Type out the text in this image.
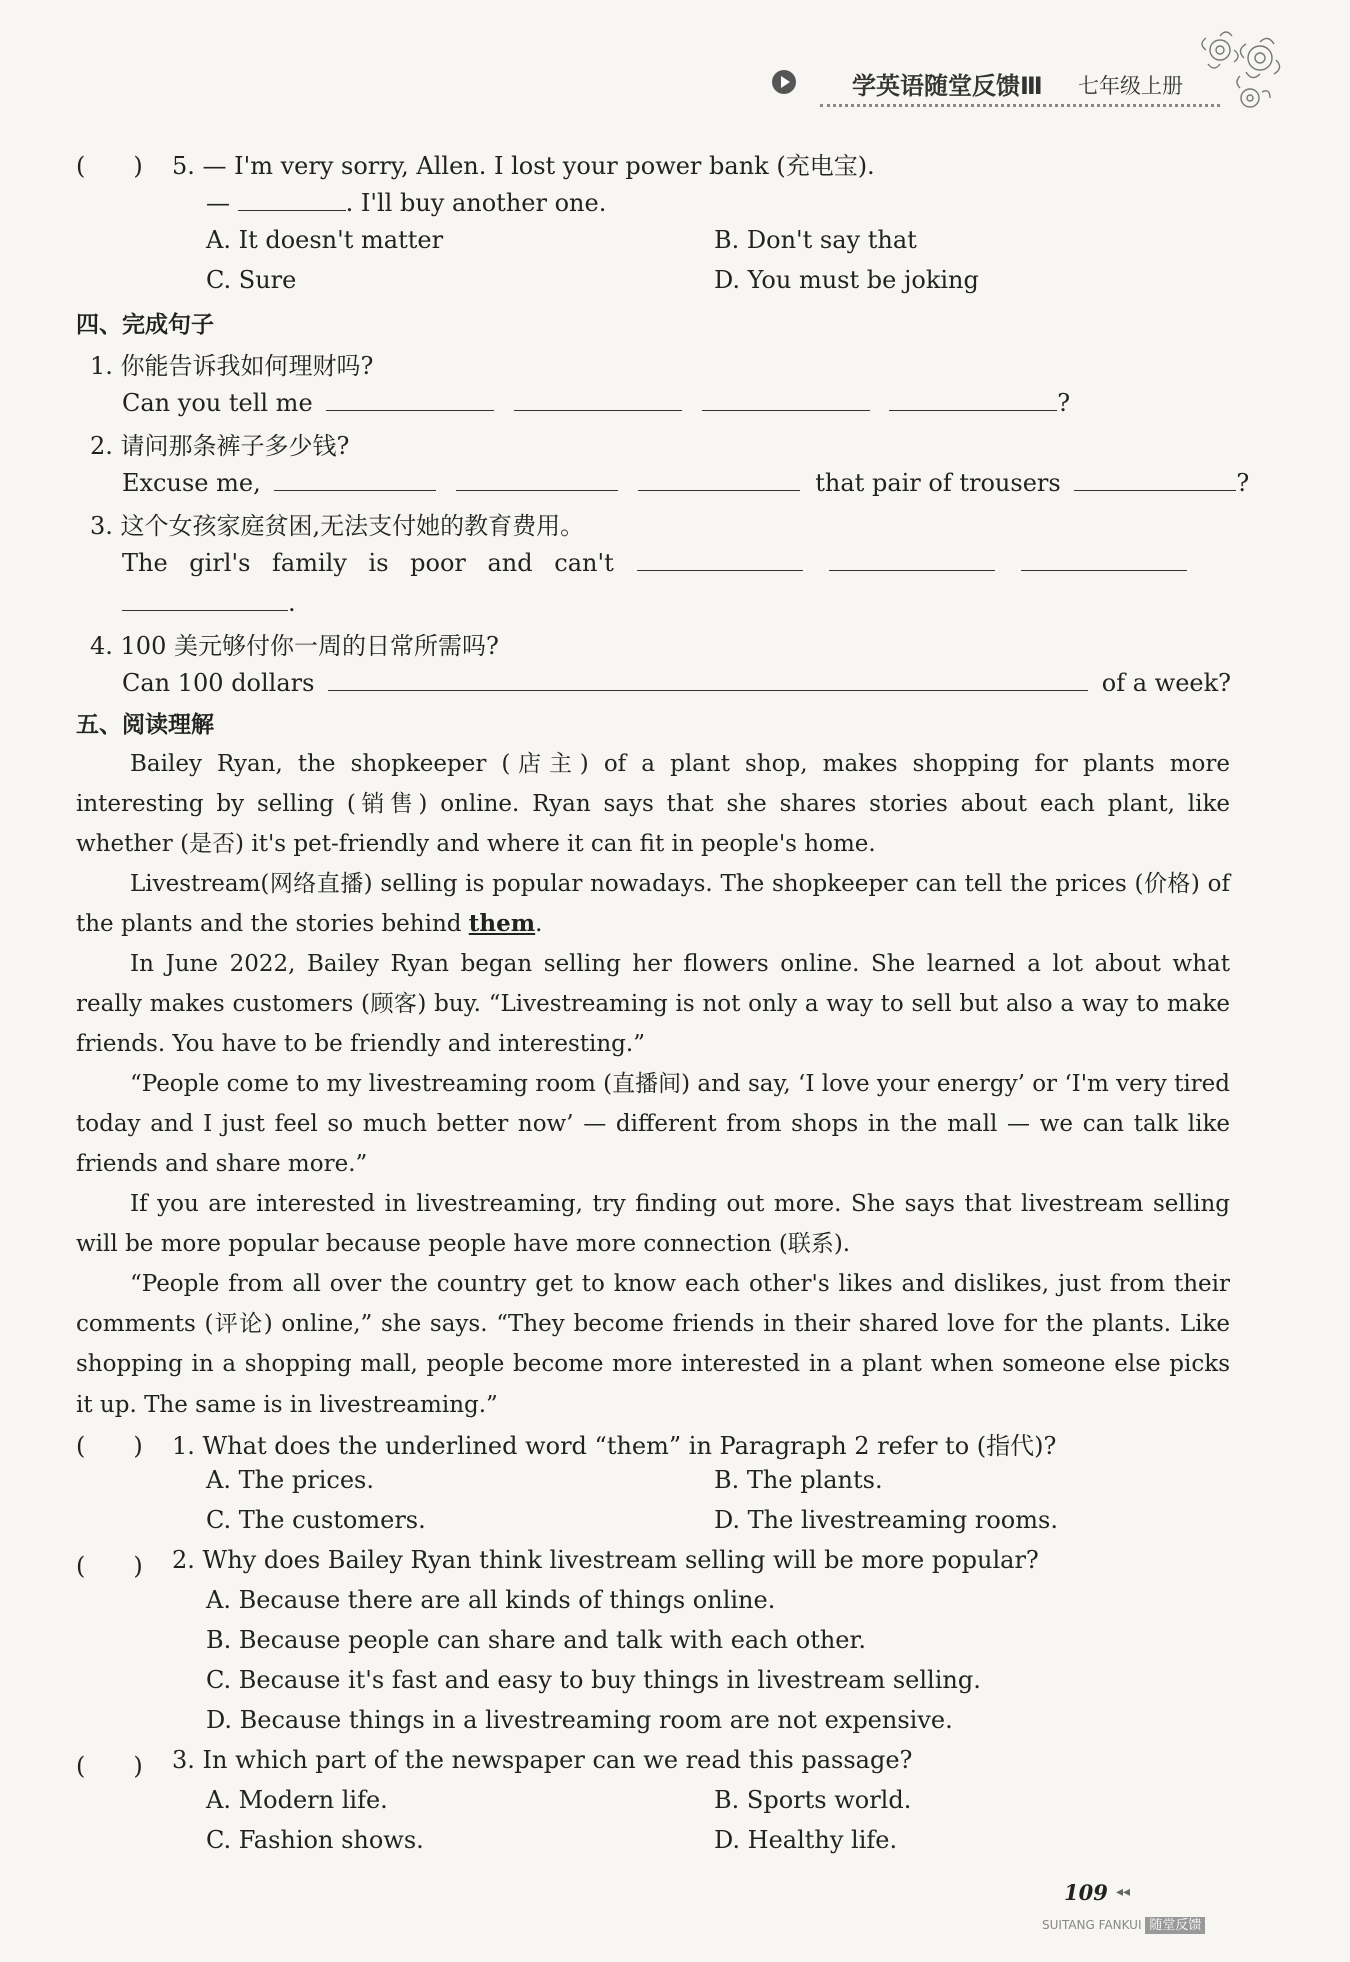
学英语随堂反馈Ⅲ 七年级上册
(　　) 5. — I'm very sorry, Allen. I lost your power bank (充电宝).
—	. I'll buy another one.
A. It doesn't matter	B. Don't say that
C. Sure	D. You must be joking
四、完成句子
1. 你能告诉我如何理财吗?
Can you tell me	?
2. 请问那条裤子多少钱?
Excuse me,	that pair of trousers	?
3. 这个女孩家庭贫困,无法支付她的教育费用。
The girl's family is poor and can't
.
4. 100 美元够付你一周的日常所需吗?
Can 100 dollars	of a week?
五、阅读理解
Bailey Ryan, the shopkeeper (店主) of a plant shop, makes shopping for plants more interesting by selling (销售) online. Ryan says that she shares stories about each plant, like whether (是否) it's pet-friendly and where it can fit in people's home.
Livestream(网络直播) selling is popular nowadays. The shopkeeper can tell the prices (价格) of the plants and the stories behind them.
In June 2022, Bailey Ryan began selling her flowers online. She learned a lot about what really makes customers (顾客) buy. “Livestreaming is not only a way to sell but also a way to make friends. You have to be friendly and interesting.”
“People come to my livestreaming room (直播间) and say, ‘I love your energy’ or ‘I'm very tired today and I just feel so much better now’ — different from shops in the mall — we can talk like friends and share more.”
If you are interested in livestreaming, try finding out more. She says that livestream selling will be more popular because people have more connection (联系).
“People from all over the country get to know each other's likes and dislikes, just from their comments (评论) online,” she says. “They become friends in their shared love for the plants. Like shopping in a shopping mall, people become more interested in a plant when someone else picks it up. The same is in livestreaming.”
(　　) 1. What does the underlined word “them” in Paragraph 2 refer to (指代)?
A. The prices.	B. The plants.
C. The customers.	D. The livestreaming rooms.
(　　) 2. Why does Bailey Ryan think livestream selling will be more popular?
A. Because there are all kinds of things online.
B. Because people can share and talk with each other.
C. Because it's fast and easy to buy things in livestream selling.
D. Because things in a livestreaming room are not expensive.
(　　) 3. In which part of the newspaper can we read this passage?
A. Modern life.	B. Sports world.
C. Fashion shows.	D. Healthy life.
109 ◂◂
SUITANG FANKUI 随堂反馈
